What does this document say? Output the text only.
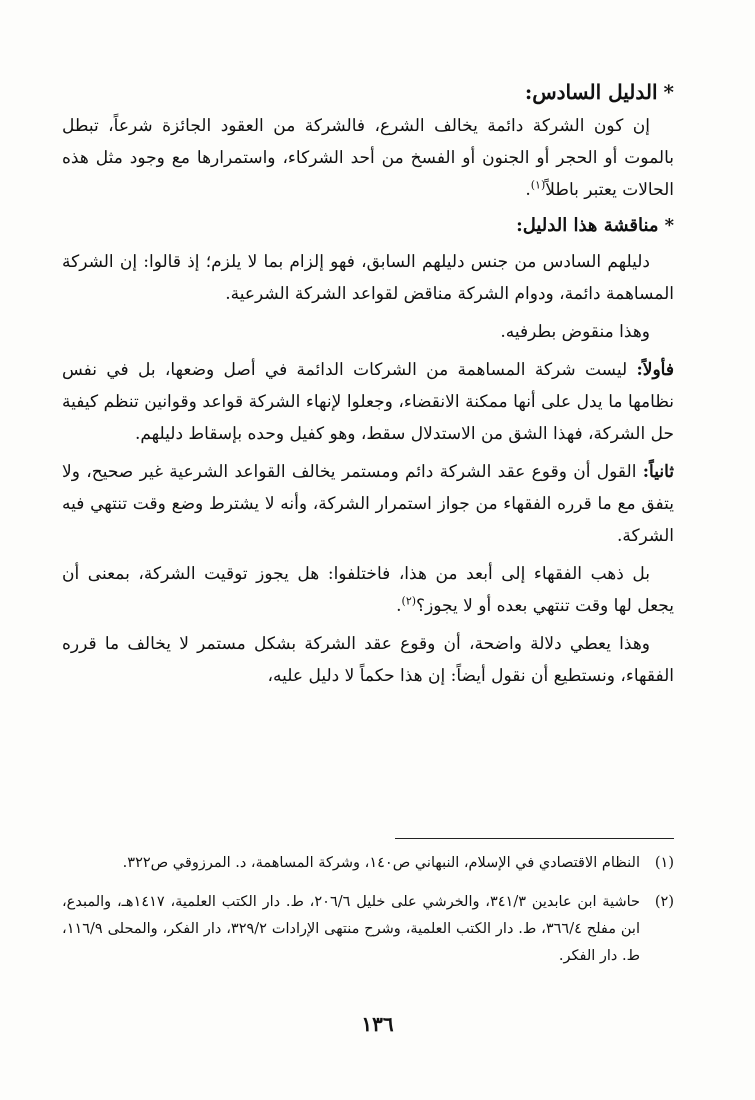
*الدليل السادس:

إن كون الشركة دائمة يخالف الشرع، فالشركة من العقود الجائزة شرعاً، تبطل بالموت أو الحجر أو الجنون أو الفسخ من أحد الشركاء، واستمرارها مع وجود مثل هذه الحالات يعتبر باطلاً$^{(١)}$.

*مناقشة هذا الدليل:

دليلهم السادس من جنس دليلهم السابق، فهو إلزام بما لا يلزم؛ إذ قالوا: إن الشركة المساهمة دائمة، ودوام الشركة مناقض لقواعد الشركة الشرعية.

وهذا منقوض بطرفيه.

فأولاً: ليست شركة المساهمة من الشركات الدائمة في أصل وضعها، بل في نفس نظامها ما يدل على أنها ممكنة الانقضاء، وجعلوا لإنهاء الشركة قواعد وقوانين تنظم كيفية حل الشركة، فهذا الشق من الاستدلال سقط، وهو كفيل وحده بإسقاط دليلهم.

ثانياً: القول أن وقوع عقد الشركة دائم ومستمر يخالف القواعد الشرعية غير صحيح، ولا يتفق مع ما قرره الفقهاء من جواز استمرار الشركة، وأنه لا يشترط وضع وقت تنتهي فيه الشركة.

بل ذهب الفقهاء إلى أبعد من هذا، فاختلفوا: هل يجوز توقيت الشركة، بمعنى أن يجعل لها وقت تنتهي بعده أو لا يجوز؟$^{(٢)}$.

وهذا يعطي دلالة واضحة، أن وقوع عقد الشركة بشكل مستمر لا يخالف ما قرره الفقهاء، ونستطيع أن نقول أيضاً: إن هذا حكماً لا دليل عليه،

(١)
النظام الاقتصادي في الإسلام، النبهاني ص١٤٠، وشركة المساهمة، د. المرزوقي ص٣٢٢.
(٢)
حاشية ابن عابدين ٣٤١/٣، والخرشي على خليل ٢٠٦/٦، ط. دار الكتب العلمية، ١٤١٧هـ، والمبدع، ابن مفلح ٣٦٦/٤، ط. دار الكتب العلمية، وشرح منتهى الإرادات ٣٢٩/٢، دار الفكر، والمحلى ١١٦/٩، ط. دار الفكر.
١٣٦
